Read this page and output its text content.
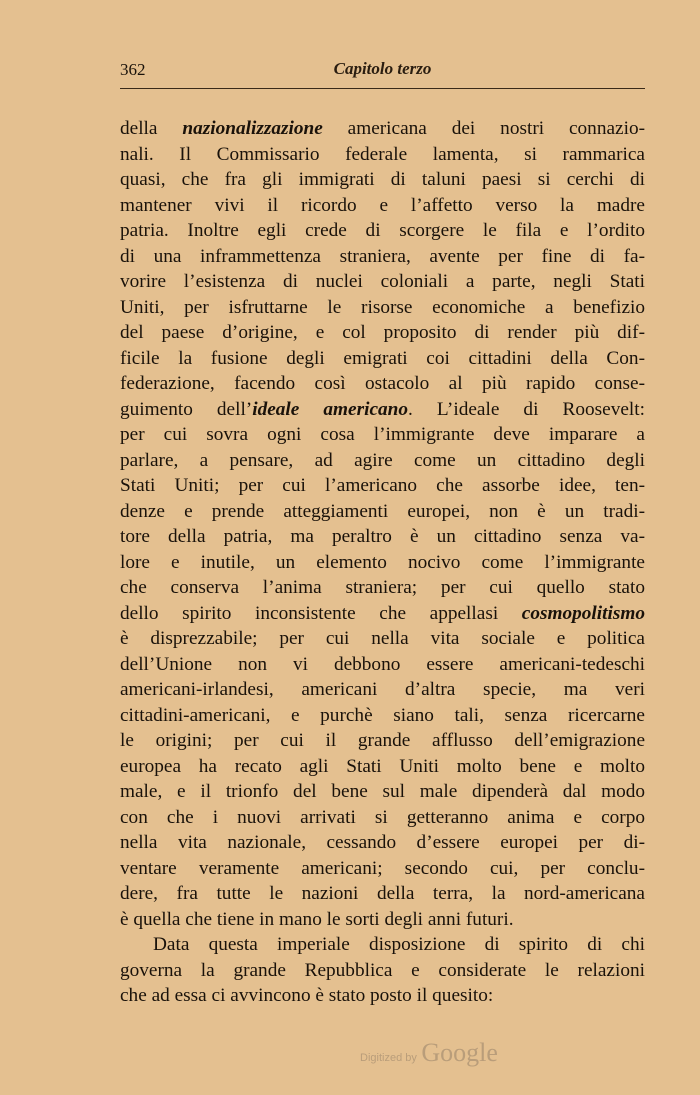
362	Capitolo terzo
della nazionalizzazione americana dei nostri connazio-
nali. Il Commissario federale lamenta, si rammarica
quasi, che fra gli immigrati di taluni paesi si cerchi di
mantener vivi il ricordo e l’affetto verso la madre
patria. Inoltre egli crede di scorgere le fila e l’ordito
di una inframmettenza straniera, avente per fine di fa-
vorire l’esistenza di nuclei coloniali a parte, negli Stati
Uniti, per isfruttarne le risorse economiche a benefizio
del paese d’origine, e col proposito di render più dif-
ficile la fusione degli emigrati coi cittadini della Con-
federazione, facendo così ostacolo al più rapido conse-
guimento dell’ideale americano. L’ideale di Roosevelt:
per cui sovra ogni cosa l’immigrante deve imparare a
parlare, a pensare, ad agire come un cittadino degli
Stati Uniti; per cui l’americano che assorbe idee, ten-
denze e prende atteggiamenti europei, non è un tradi-
tore della patria, ma peraltro è un cittadino senza va-
lore e inutile, un elemento nocivo come l’immigrante
che conserva l’anima straniera; per cui quello stato
dello spirito inconsistente che appellasi cosmopolitismo
è disprezzabile; per cui nella vita sociale e politica
dell’Unione non vi debbono essere americani-tedeschi
americani-irlandesi, americani d’altra specie, ma veri
cittadini-americani, e purchè siano tali, senza ricercarne
le origini; per cui il grande afflusso dell’emigrazione
europea ha recato agli Stati Uniti molto bene e molto
male, e il trionfo del bene sul male dipenderà dal modo
con che i nuovi arrivati si getteranno anima e corpo
nella vita nazionale, cessando d’essere europei per di-
ventare veramente americani; secondo cui, per conclu-
dere, fra tutte le nazioni della terra, la nord-americana
è quella che tiene in mano le sorti degli anni futuri.
Data questa imperiale disposizione di spirito di chi
governa la grande Repubblica e considerate le relazioni
che ad essa ci avvincono è stato posto il quesito:
Digitized by Google
